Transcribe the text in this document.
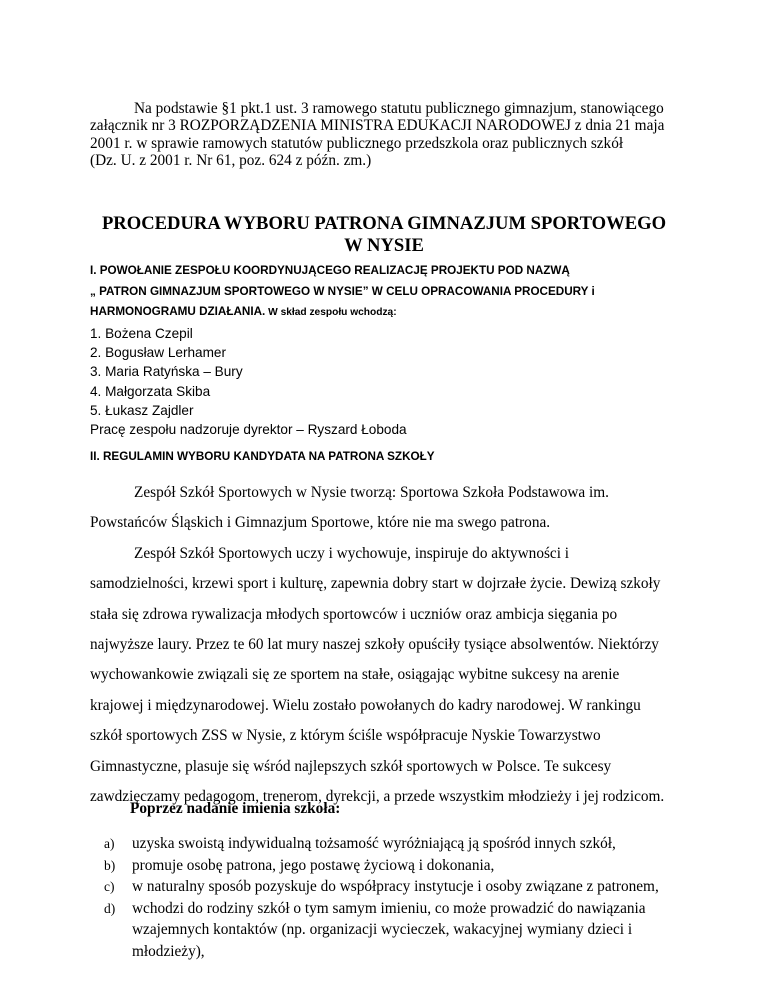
Na podstawie §1 pkt.1 ust. 3 ramowego statutu publicznego gimnazjum, stanowiącego
załącznik nr 3 ROZPORZĄDZENIA MINISTRA EDUKACJI NARODOWEJ z dnia 21 maja
2001 r. w sprawie ramowych statutów publicznego przedszkola oraz publicznych szkół
(Dz. U. z 2001 r. Nr 61, poz. 624 z późn. zm.)
PROCEDURA WYBORU PATRONA GIMNAZJUM SPORTOWEGO
W NYSIE
I. POWOŁANIE ZESPOŁU KOORDYNUJĄCEGO REALIZACJĘ PROJEKTU POD NAZWĄ
„ PATRON GIMNAZJUM SPORTOWEGO W NYSIE” W CELU OPRACOWANIA PROCEDURY i
HARMONOGRAMU DZIAŁANIA. W skład zespołu wchodzą:
1. Bożena Czepil
2. Bogusław Lerhamer
3. Maria Ratyńska – Bury
4. Małgorzata Skiba
5. Łukasz Zajdler
Pracę zespołu nadzoruje dyrektor – Ryszard Łoboda
II. REGULAMIN WYBORU KANDYDATA NA PATRONA SZKOŁY
Zespół Szkół Sportowych w Nysie tworzą: Sportowa Szkoła Podstawowa im.
Powstańców Śląskich i Gimnazjum Sportowe, które nie ma swego patrona.
Zespół Szkół Sportowych uczy i wychowuje, inspiruje do aktywności i
samodzielności, krzewi sport i kulturę, zapewnia dobry start w dojrzałe życie. Dewizą szkoły
stała się zdrowa rywalizacja młodych sportowców i uczniów oraz ambicja sięgania po
najwyższe laury. Przez te 60 lat mury naszej szkoły opuściły tysiące absolwentów. Niektórzy
wychowankowie związali się ze sportem na stałe, osiągając wybitne sukcesy na arenie
krajowej i międzynarodowej. Wielu zostało powołanych do kadry narodowej. W rankingu
szkół sportowych ZSS w Nysie, z którym ściśle współpracuje Nyskie Towarzystwo
Gimnastyczne, plasuje się wśród najlepszych szkół sportowych w Polsce. Te sukcesy
zawdzięczamy pedagogom, trenerom, dyrekcji, a przede wszystkim młodzieży i jej rodzicom.
Poprzez nadanie imienia szkoła:
a) uzyska swoistą indywidualną tożsamość wyróżniającą ją spośród innych szkół,
b) promuje osobę patrona, jego postawę życiową i dokonania,
c) w naturalny sposób pozyskuje do współpracy instytucje i osoby związane z patronem,
d) wchodzi do rodziny szkół o tym samym imieniu, co może prowadzić do nawiązania
wzajemnych kontaktów (np. organizacji wycieczek, wakacyjnej wymiany dzieci i
młodzieży),
